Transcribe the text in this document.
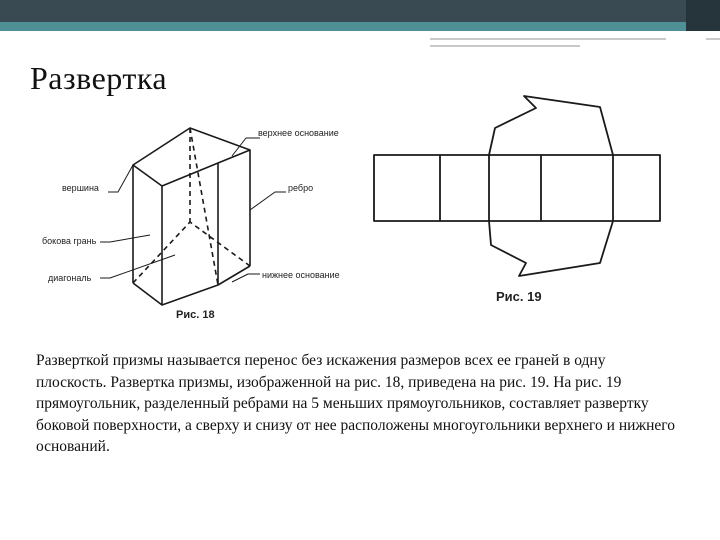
Развертка
верхнее основание
вершина	ребро
бокова грань
диагональ	нижнее основание
Рис. 18
Рис. 19
Разверткой призмы называется перенос без искажения размеров всех ее граней в одну плоскость. Развертка призмы, изображенной на рис. 18, приведена на рис. 19. На рис. 19 прямоугольник, разделенный ребрами на 5 меньших прямоугольников, составляет развертку боковой поверхности, а сверху и снизу от нее расположены многоугольники верхнего и нижнего оснований.
